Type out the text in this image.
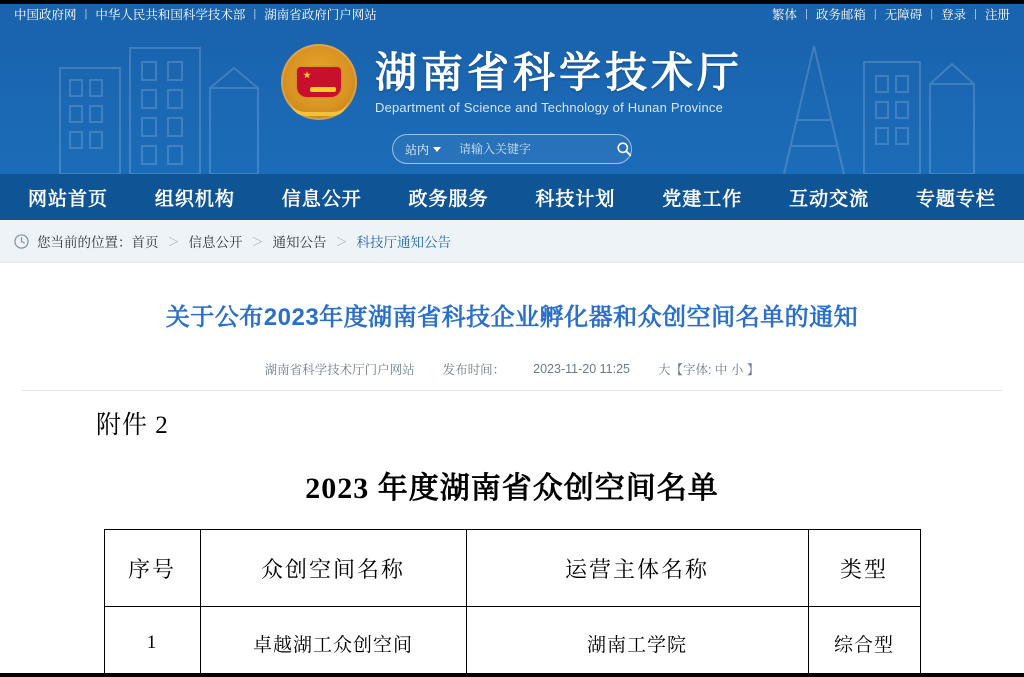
中国政府网 | 中华人民共和国科学技术部 | 湖南省政府门户网站	繁体 | 政务邮箱 | 无障碍 | 登录 | 注册
湖南省科学技术厅
Department of Science and Technology of Hunan Province
站内
请输入关键字
网站首页 组织机构 信息公开 政务服务 科技计划 党建工作 互动交流 专题专栏
您当前的位置： 首页 ＞ 信息公开 ＞ 通知公告 ＞ 科技厅通知公告
关于公布2023年度湖南省科技企业孵化器和众创空间名单的通知
湖南省科学技术厅门户网站 发布时间： 2023-11-20 11:25 大【字体: 中 小 】
附件 2
2023 年度湖南省众创空间名单
序号	众创空间名称	运营主体名称	类型
1	卓越湖工众创空间	湖南工学院	综合型
